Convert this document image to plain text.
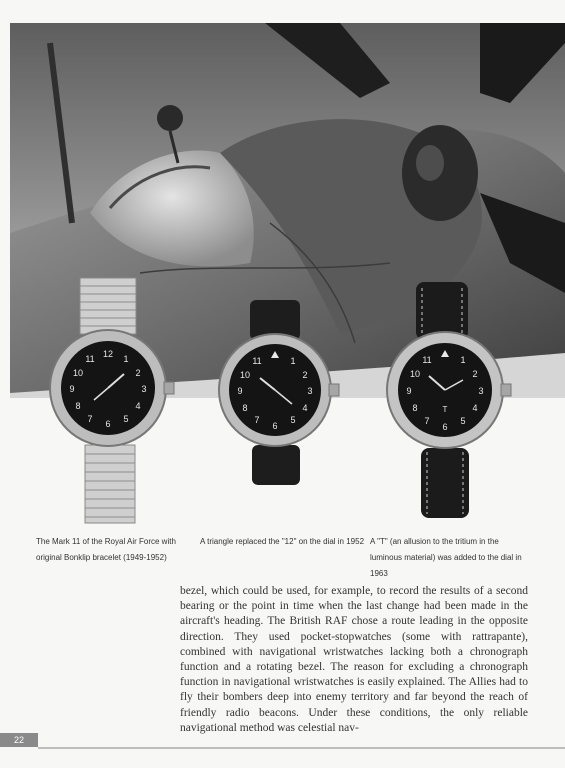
12 1
2
3
4
5
6
7
8
9
10
11	1
2
3
4
5
6
7
8
9
10
11	1
2
3
4
5
6
7
8
9
10
11
T
The Mark 11 of the Royal Air Force with original Bonklip bracelet (1949-1952)
A triangle replaced the "12" on the dial in 1952 A "T" (an allusion to the tritium in the luminous material) was added to the dial in 1963

bezel, which could be used, for example, to record the results of a second bearing or the point in time when the last change had been made in the aircraft's heading. The British RAF chose a route leading in the opposite direction. They used pocket-stopwatches (some with rattrapante), combined with navigational wristwatches lacking both a chronograph function and a rotating bezel. The reason for excluding a chronograph function in navigational wristwatches is easily explained. The Allies had to fly their bombers deep into enemy territory and far beyond the reach of friendly radio beacons. Under these conditions, the only reliable navigational method was celestial nav-

22
